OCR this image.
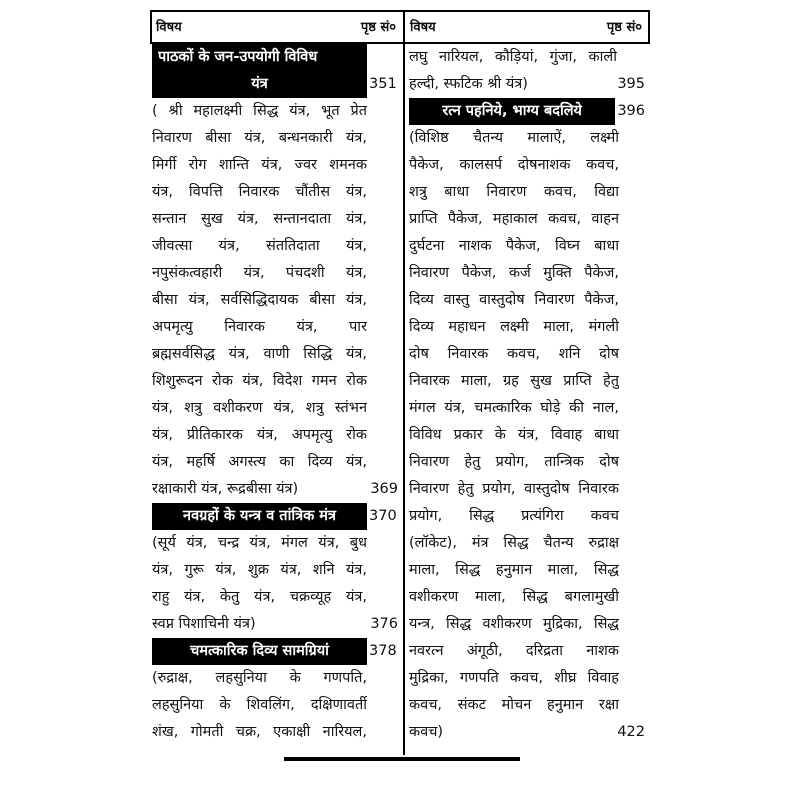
विषय	पृष्ठ सं० विषय	पृष्ठ सं०
पाठकों के जन-उपयोगी विविध
यंत्र	351
( श्री महालक्ष्मी सिद्ध यंत्र, भूत प्रेत
निवारण बीसा यंत्र, बन्धनकारी यंत्र,
मिर्गी रोग शान्ति यंत्र, ज्वर शमनक
यंत्र, विपत्ति निवारक चौंतीस यंत्र,
सन्तान सुख यंत्र, सन्तानदाता यंत्र,
जीवत्सा यंत्र, संततिदाता यंत्र,
नपुसंकत्वहारी यंत्र, पंचदशी यंत्र,
बीसा यंत्र, सर्वसिद्धिदायक बीसा यंत्र,
अपमृत्यु निवारक यंत्र, पार
ब्रह्मसर्वसिद्ध यंत्र, वाणी सिद्धि यंत्र,
शिशुरूदन रोक यंत्र, विदेश गमन रोक
यंत्र, शत्रु वशीकरण यंत्र, शत्रु स्तंभन
यंत्र, प्रीतिकारक यंत्र, अपमृत्यु रोक
यंत्र, महर्षि अगस्त्य का दिव्य यंत्र,
रक्षाकारी यंत्र, रूद्रबीसा यंत्र)	369
नवग्रहों के यन्त्र व तांत्रिक मंत्र	370
(सूर्य यंत्र, चन्द्र यंत्र, मंगल यंत्र, बुध
यंत्र, गुरू यंत्र, शुक्र यंत्र, शनि यंत्र,
राहु यंत्र, केतु यंत्र, चक्रव्यूह यंत्र,
स्वप्न पिशाचिनी यंत्र)	376
चमत्कारिक दिव्य सामग्रियां	378
(रुद्राक्ष, लहसुनिया के गणपति,
लहसुनिया के शिवलिंग, दक्षिणावर्ती
शंख, गोमती चक्र, एकाक्षी नारियल,
लघु नारियल, कौड़ियां, गुंजा, काली
हल्दी, स्फटिक श्री यंत्र)	395
रत्न पहनिये, भाग्य बदलिये	396
(विशिष्ठ चैतन्य मालाऐं, लक्ष्मी
पैकेज, कालसर्प दोषनाशक कवच,
शत्रु बाधा निवारण कवच, विद्या
प्राप्ति पैकेज, महाकाल कवच, वाहन
दुर्घटना नाशक पैकेज, विघ्न बाधा
निवारण पैकेज, कर्ज मुक्ति पैकेज,
दिव्य वास्तु वास्तुदोष निवारण पैकेज,
दिव्य महाधन लक्ष्मी माला, मंगली
दोष निवारक कवच, शनि दोष
निवारक माला, ग्रह सुख प्राप्ति हेतु
मंगल यंत्र, चमत्कारिक घोड़े की नाल,
विविध प्रकार के यंत्र, विवाह बाधा
निवारण हेतु प्रयोग, तान्त्रिक दोष
निवारण हेतु प्रयोग, वास्तुदोष निवारक
प्रयोग, सिद्ध प्रत्यंगिरा कवच
(लॉकेट), मंत्र सिद्ध चैतन्य रुद्राक्ष
माला, सिद्ध हनुमान माला, सिद्ध
वशीकरण माला, सिद्ध बगलामुखी
यन्त्र, सिद्ध वशीकरण मुद्रिका, सिद्ध
नवरत्न अंगूठी, दरिद्रता नाशक
मुद्रिका, गणपति कवच, शीघ्र विवाह
कवच, संकट मोचन हनुमान रक्षा
कवच)	422
